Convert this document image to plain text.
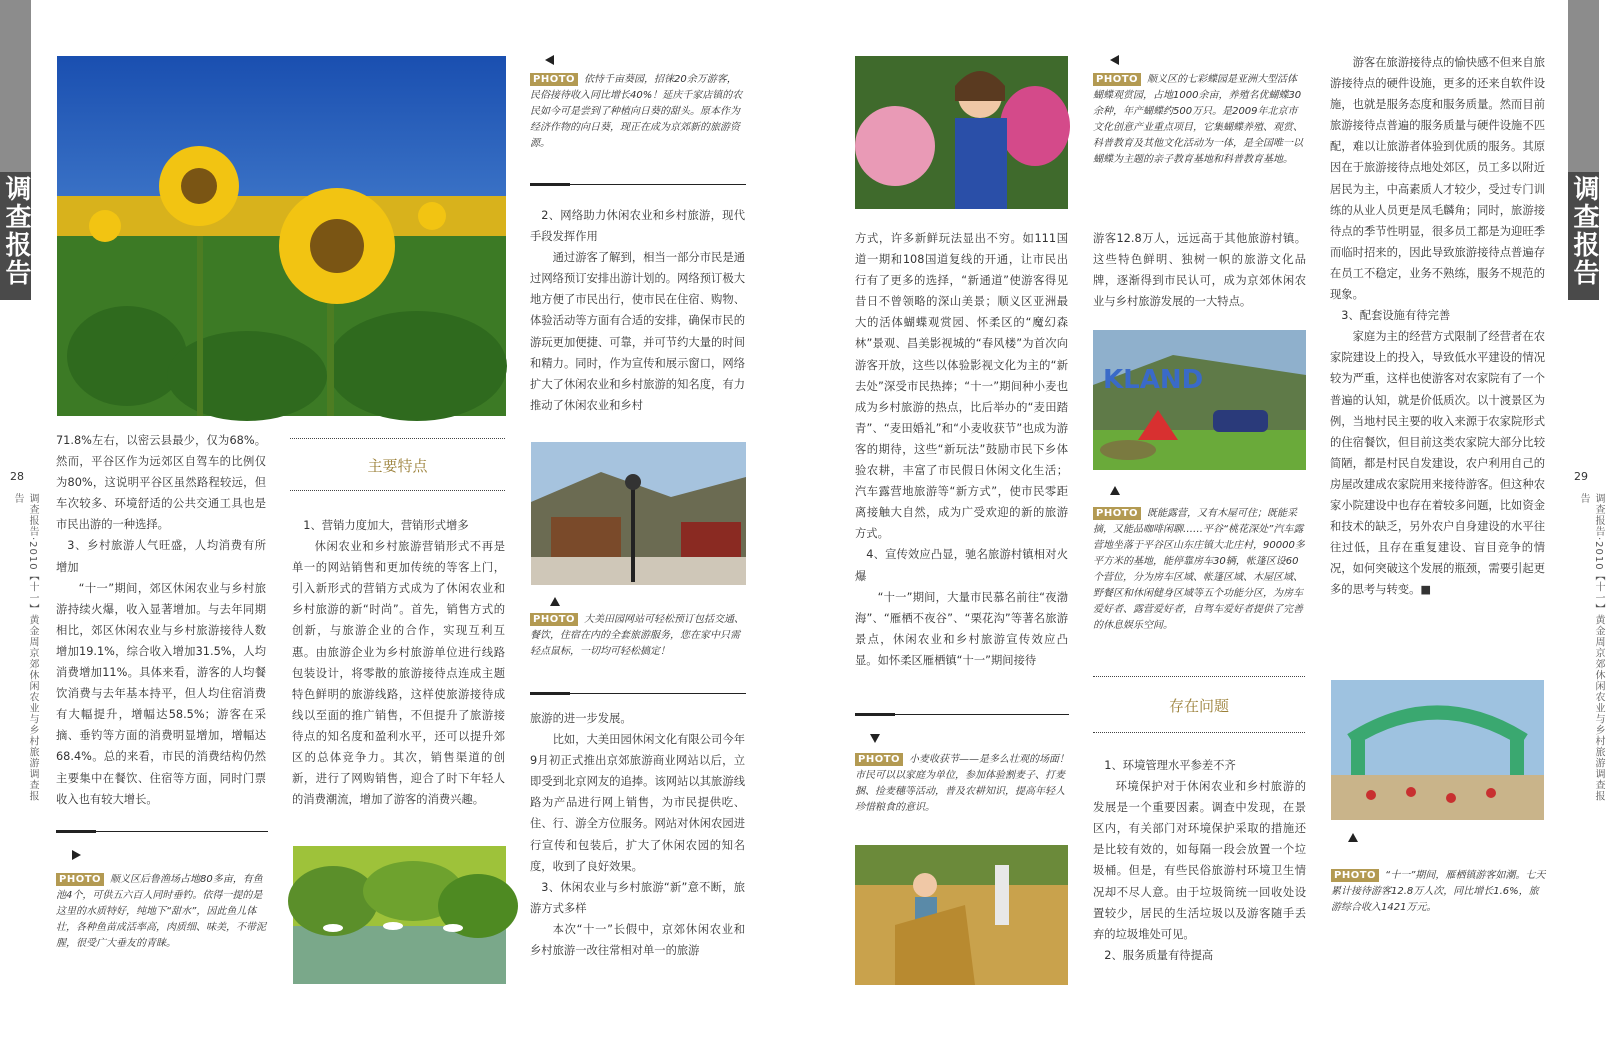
调查报告	调查报告
28	29
调查报告·2010【十一】黄金周京郊休闲农业与乡村旅游调查报告	调查报告·2010【十一】黄金周京郊休闲农业与乡村旅游调查报告

71.8%左右，以密云县最少，仅为68%。然而，平谷区作为远郊区自驾车的比例仅为80%，这说明平谷区虽然路程较远，但车次较多、环境舒适的公共交通工具也是市民出游的一种选择。

3、乡村旅游人气旺盛，人均消费有所增加

“十一”期间，郊区休闲农业与乡村旅游持续火爆，收入显著增加。与去年同期相比，郊区休闲农业与乡村旅游接待人数增加19.1%，综合收入增加31.5%，人均消费增加11%。具体来看，游客的人均餐饮消费与去年基本持平，但人均住宿消费有大幅提升，增幅达58.5%；游客在采摘、垂钓等方面的消费明显增加，增幅达68.4%。总的来看，市民的消费结构仍然主要集中在餐饮、住宿等方面，同时门票收入也有较大增长。

PHOTO 顺义区后鲁渔场占地80多亩，有鱼池4个，可供五六百人同时垂钓。依得一提的是这里的水质特好，纯地下“甜水”，因此鱼儿体壮，各种鱼苗成活率高，肉质细、味美，不带泥腥，很受广大垂友的青睐。
主要特点

1、营销力度加大，营销形式增多

休闲农业和乡村旅游营销形式不再是单一的网站销售和更加传统的等客上门，引入新形式的营销方式成为了休闲农业和乡村旅游的新“时尚”。首先，销售方式的创新，与旅游企业的合作，实现互利互惠。由旅游企业为乡村旅游单位进行线路包装设计，将零散的旅游接待点连成主题特色鲜明的旅游线路，这样使旅游接待成线以至面的推广销售，不但提升了旅游接待点的知名度和盈利水平，还可以提升郊区的总体竞争力。其次，销售渠道的创新，进行了网购销售，迎合了时下年轻人的消费潮流，增加了游客的消费兴趣。

PHOTO 依恃千亩葵园，招徕20余万游客，民俗接待收入同比增长40%！延庆千家店镇的农民如今可是尝到了种植向日葵的甜头。原本作为经济作物的向日葵，现正在成为京郊新的旅游资源。

2、网络助力休闲农业和乡村旅游，现代手段发挥作用

通过游客了解到，相当一部分市民是通过网络预订安排出游计划的。网络预订极大地方便了市民出行，使市民在住宿、购物、体验活动等方面有合适的安排，确保市民的游玩更加便捷、可靠，并可节约大量的时间和精力。同时，作为宣传和展示窗口，网络扩大了休闲农业和乡村旅游的知名度，有力推动了休闲农业和乡村

PHOTO 大美田园网站可轻松预订包括交通、餐饮，住宿在内的全套旅游服务，您在家中只需轻点鼠标，一切均可轻松搞定！

旅游的进一步发展。

比如，大美田园休闲文化有限公司今年9月初正式推出京郊旅游商业网站以后，立即受到北京网友的追捧。该网站以其旅游线路为产品进行网上销售，为市民提供吃、住、行、游全方位服务。网站对休闲农园进行宣传和包装后，扩大了休闲农园的知名度，收到了良好效果。

3、休闲农业与乡村旅游“新”意不断，旅游方式多样

本次“十一”长假中，京郊休闲农业和乡村旅游一改往常相对单一的旅游

方式，许多新鲜玩法显出不穷。如111国道一期和108国道复线的开通，让市民出行有了更多的选择，“新通道”使游客得见昔日不曾领略的深山美景；顺义区亚洲最大的活体蝴蝶观赏园、怀柔区的“魔幻森林”景观、昌美影视城的“春风楼”为首次向游客开放，这些以体验影视文化为主的“新去处”深受市民热捧；“十一”期间种小麦也成为乡村旅游的热点，比后举办的“麦田踏青”、“麦田婚礼”和“小麦收获节”也成为游客的期待，这些“新玩法”鼓励市民下乡体验农耕，丰富了市民假日休闲文化生活；汽车露营地旅游等“新方式”，使市民零距离接触大自然，成为广受欢迎的新的旅游方式。

4、宣传效应凸显，驰名旅游村镇相对火爆

“十一”期间，大量市民慕名前往“夜渤海”、“雁栖不夜谷”、“栗花沟”等著名旅游景点，休闲农业和乡村旅游宣传效应凸显。如怀柔区雁栖镇“十一”期间接待

PHOTO 小麦收获节——是多么壮观的场面！市民可以以家庭为单位，参加体验割麦子、打麦捆、捡麦穗等活动，普及农耕知识，提高年轻人珍惜粮食的意识。
PHOTO 顺义区的七彩蝶园是亚洲大型活体蝴蝶观赏园，占地1000余亩，养殖名优蝴蝶30余种，年产蝴蝶约500万只。是2009年北京市文化创意产业重点项目，它集蝴蝶养殖、观赏、科普教育及其他文化活动为一体，是全国唯一以蝴蝶为主题的亲子教育基地和科普教育基地。

游客12.8万人，远远高于其他旅游村镇。这些特色鲜明、独树一帜的旅游文化品牌，逐渐得到市民认可，成为京郊休闲农业与乡村旅游发展的一大特点。

KLAND
PHOTO 既能露营，又有木屋可住；既能采摘，又能品咖啡闲聊……平谷“桃花深处”汽车露营地坐落于平谷区山东庄镇大北庄村，90000多平方米的基地，能停靠房车30辆，帐篷区设60个营位，分为房车区域、帐篷区域、木屋区域、野餐区和休闲健身区域等五个功能分区，为房车爱好者、露营爱好者，自驾车爱好者提供了完善的休息娱乐空间。
存在问题

1、环境管理水平参差不齐

环境保护对于休闲农业和乡村旅游的发展是一个重要因素。调查中发现，在景区内，有关部门对环境保护采取的措施还是比较有效的，如每隔一段会放置一个垃圾桶。但是，有些民俗旅游村环境卫生情况却不尽人意。由于垃圾筒统一回收处设置较少，居民的生活垃圾以及游客随手丢弃的垃圾堆处可见。

2、服务质量有待提高

游客在旅游接待点的愉快感不但来自旅游接待点的硬件设施，更多的还来自软件设施，也就是服务态度和服务质量。然而目前旅游接待点普遍的服务质量与硬件设施不匹配，难以让旅游者体验到优质的服务。其原因在于旅游接待点地处郊区，员工多以附近居民为主，中高素质人才较少，受过专门训练的从业人员更是凤毛麟角；同时，旅游接待点的季节性明显，很多员工都是为迎旺季而临时招来的，因此导致旅游接待点普遍存在员工不稳定，业务不熟练，服务不规范的现象。

3、配套设施有待完善

家庭为主的经营方式限制了经营者在农家院建设上的投入，导致低水平建设的情况较为严重，这样也使游客对农家院有了一个普遍的认知，就是价低质次。以十渡景区为例，当地村民主要的收入来源于农家院形式的住宿餐饮，但目前这类农家院大部分比较简陋，都是村民自发建设，农户利用自己的房屋改建成农家院用来接待游客。但这种农家小院建设中也存在着较多问题，比如资金和技术的缺乏，另外农户自身建设的水平往往过低，且存在重复建设、盲目竞争的情况，如何突破这个发展的瓶颈，需要引起更多的思考与转变。■

PHOTO “十一”期间，雁栖镇游客如潮。七天累计接待游客12.8万人次，同比增长1.6%，旅游综合收入1421万元。
